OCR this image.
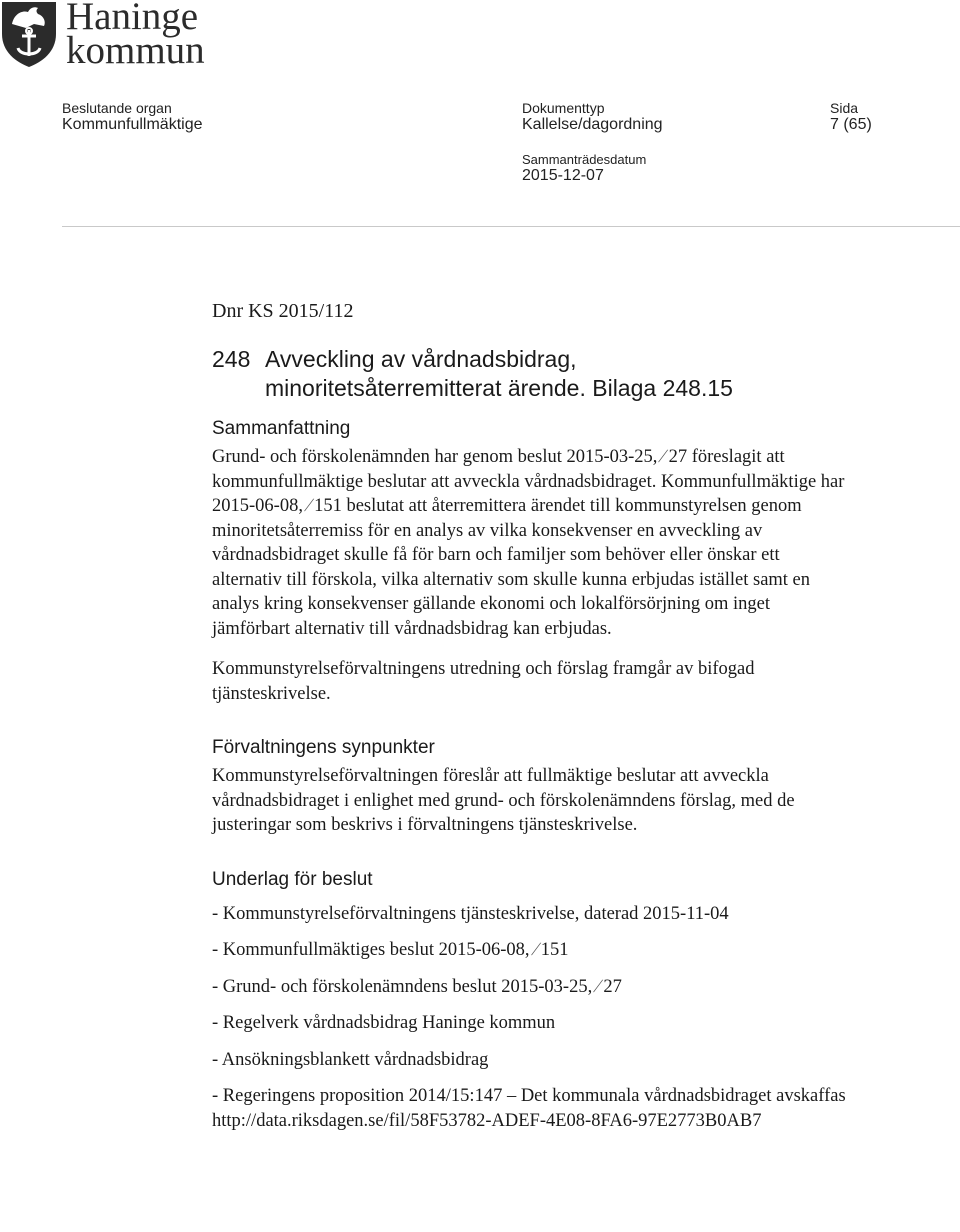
Haninge
kommun
Beslutande organ
Kommunfullmäktige
Dokumenttyp
Kallelse/dagordning
Sammanträdesdatum
2015-12-07
Sida
7 (65)

Dnr KS 2015/112

248 Avveckling av vårdnadsbidrag,
minoritetsåterremitterat ärende. Bilaga 248.15
Sammanfattning

Grund- och förskolenämnden har genom beslut 2015-03-25,/27 föreslagit att kommunfullmäktige beslutar att avveckla vårdnadsbidraget. Kommunfullmäktige har 2015-06-08,/151 beslutat att återremittera ärendet till kommunstyrelsen genom minoritetsåterremiss för en analys av vilka konsekvenser en avveckling av vårdnadsbidraget skulle få för barn och familjer som behöver eller önskar ett alternativ till förskola, vilka alternativ som skulle kunna erbjudas istället samt en analys kring konsekvenser gällande ekonomi och lokalförsörjning om inget jämförbart alternativ till vårdnadsbidrag kan erbjudas.

Kommunstyrelseförvaltningens utredning och förslag framgår av bifogad tjänsteskrivelse.

Förvaltningens synpunkter

Kommunstyrelseförvaltningen föreslår att fullmäktige beslutar att avveckla vårdnadsbidraget i enlighet med grund- och förskolenämndens förslag, med de justeringar som beskrivs i förvaltningens tjänsteskrivelse.

Underlag för beslut

- Kommunstyrelseförvaltningens tjänsteskrivelse, daterad 2015-11-04

- Kommunfullmäktiges beslut 2015-06-08,/151

- Grund- och förskolenämndens beslut 2015-03-25,/27

- Regelverk vårdnadsbidrag Haninge kommun

- Ansökningsblankett vårdnadsbidrag

- Regeringens proposition 2014/15:147 – Det kommunala vårdnadsbidraget avskaffas http://data.riksdagen.se/fil/58F53782-ADEF-4E08-8FA6-97E2773B0AB7
